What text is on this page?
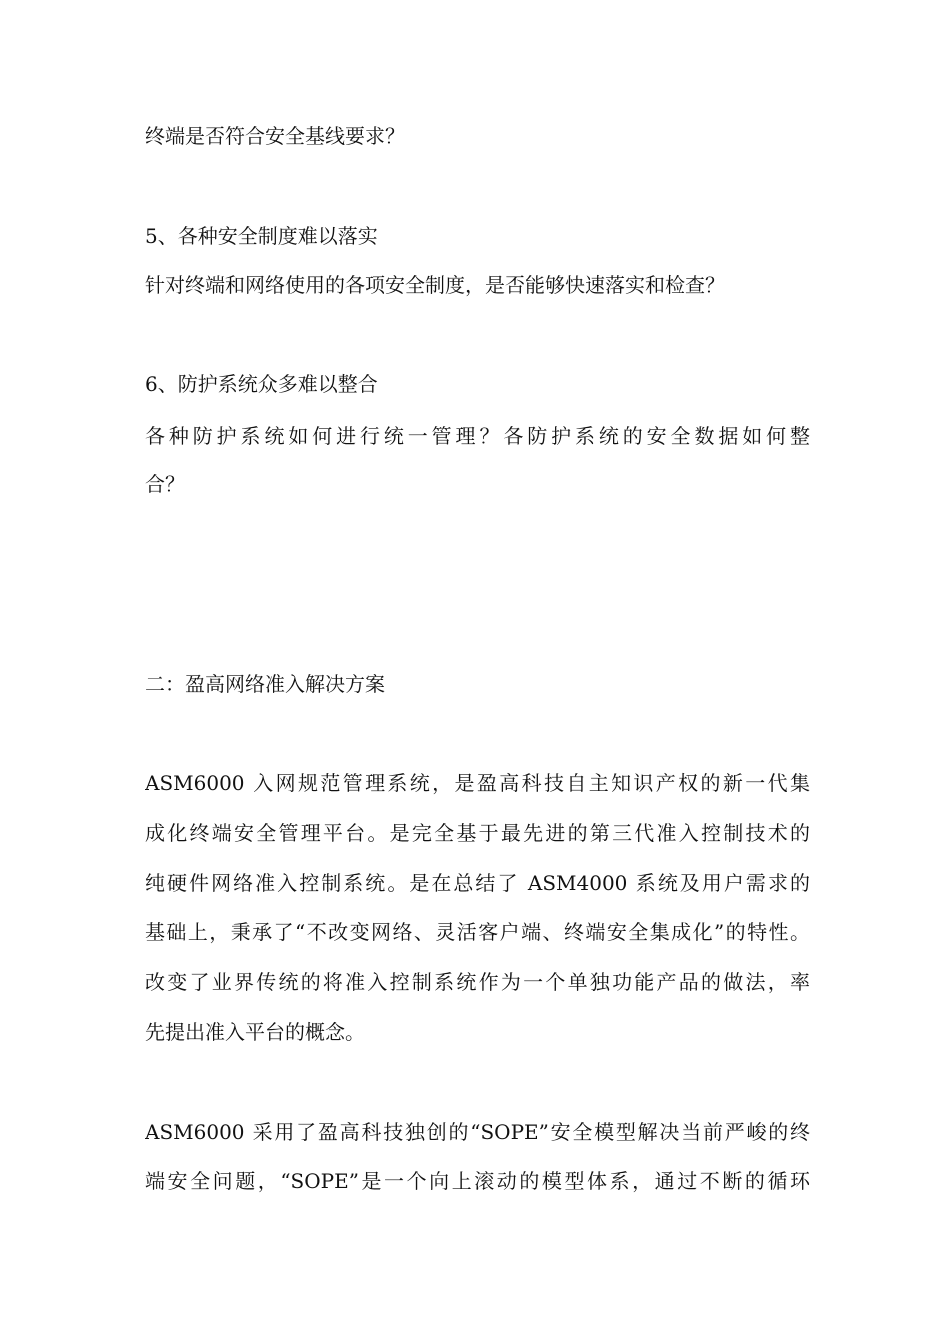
终端是否符合安全基线要求？
5、各种安全制度难以落实
针对终端和网络使用的各项安全制度，是否能够快速落实和检查？
6、防护系统众多难以整合
各种防护系统如何进行统一管理？各防护系统的安全数据如何整
合？
二：盈高网络准入解决方案
ASM6000 入网规范管理系统，是盈高科技自主知识产权的新一代集
成化终端安全管理平台。是完全基于最先进的第三代准入控制技术的
纯硬件网络准入控制系统。是在总结了 ASM4000 系统及用户需求的
基础上，秉承了“不改变网络、灵活客户端、终端安全集成化”的特性。
改变了业界传统的将准入控制系统作为一个单独功能产品的做法，率
先提出准入平台的概念。
ASM6000 采用了盈高科技独创的“SOPE”安全模型解决当前严峻的终
端安全问题，“SOPE”是一个向上滚动的模型体系，通过不断的循环
